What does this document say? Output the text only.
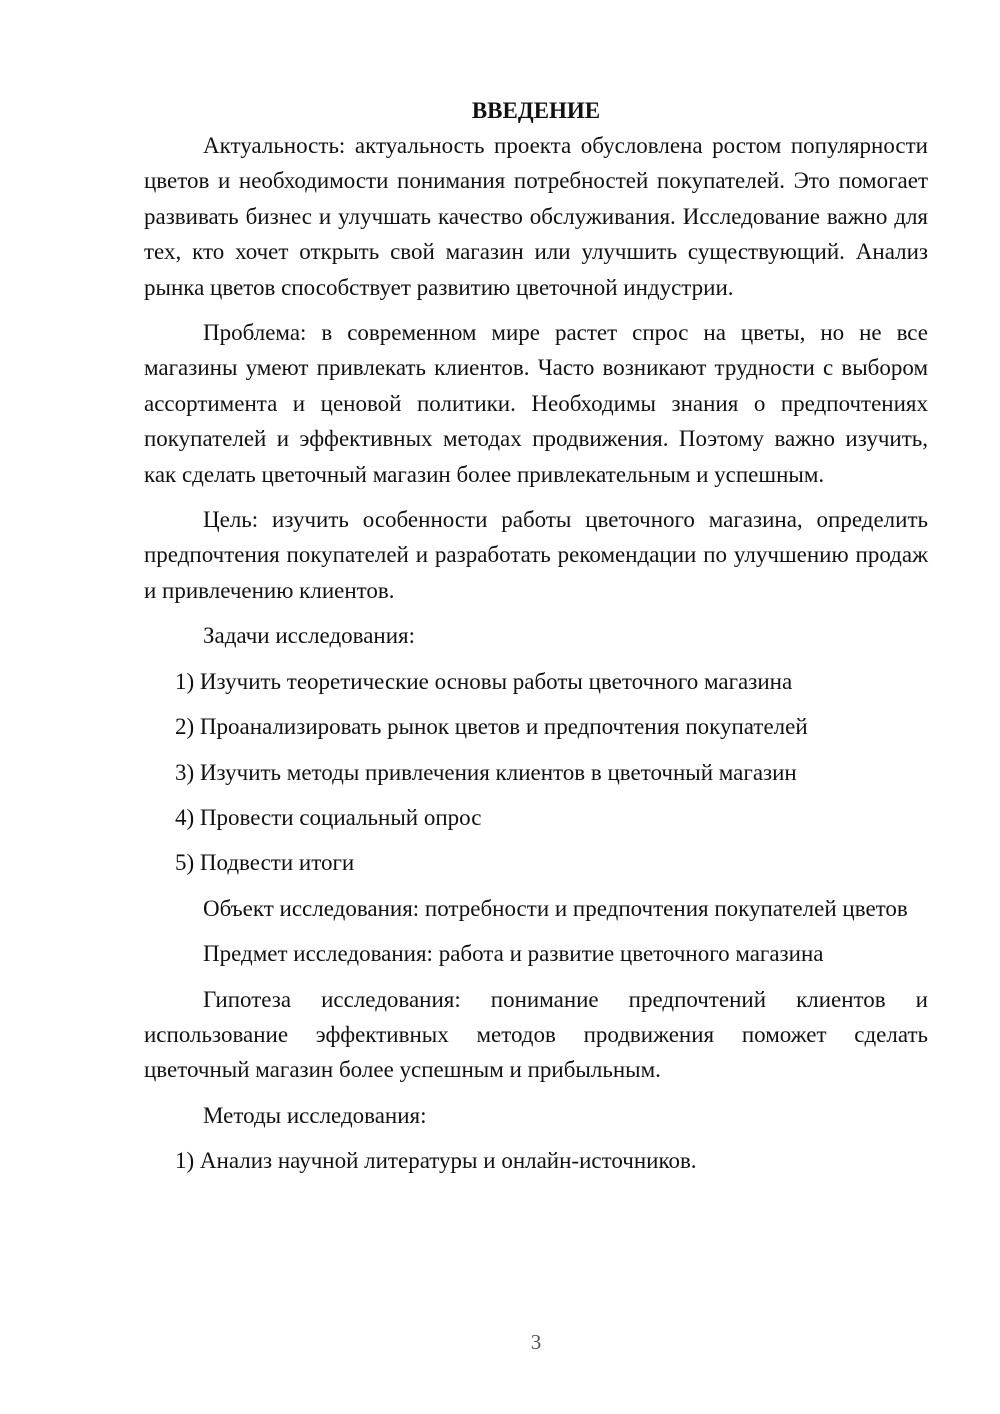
ВВЕДЕНИЕ

Актуальность: актуальность проекта обусловлена ростом популярности цветов и необходимости понимания потребностей покупателей. Это помогает развивать бизнес и улучшать качество обслуживания. Исследование важно для тех, кто хочет открыть свой магазин или улучшить существующий. Анализ рынка цветов способствует развитию цветочной индустрии.

Проблема: в современном мире растет спрос на цветы, но не все магазины умеют привлекать клиентов. Часто возникают трудности с выбором ассортимента и ценовой политики. Необходимы знания о предпочтениях покупателей и эффективных методах продвижения. Поэтому важно изучить, как сделать цветочный магазин более привлекательным и успешным.

Цель: изучить особенности работы цветочного магазина, определить предпочтения покупателей и разработать рекомендации по улучшению продаж и привлечению клиентов.

Задачи исследования:

1) Изучить теоретические основы работы цветочного магазина

2) Проанализировать рынок цветов и предпочтения покупателей

3) Изучить методы привлечения клиентов в цветочный магазин

4) Провести социальный опрос

5) Подвести итоги

Объект исследования: потребности и предпочтения покупателей цветов

Предмет исследования: работа и развитие цветочного магазина

Гипотеза исследования: понимание предпочтений клиентов и использование эффективных методов продвижения поможет сделать цветочный магазин более успешным и прибыльным.

Методы исследования:

1) Анализ научной литературы и онлайн-источников.

3
